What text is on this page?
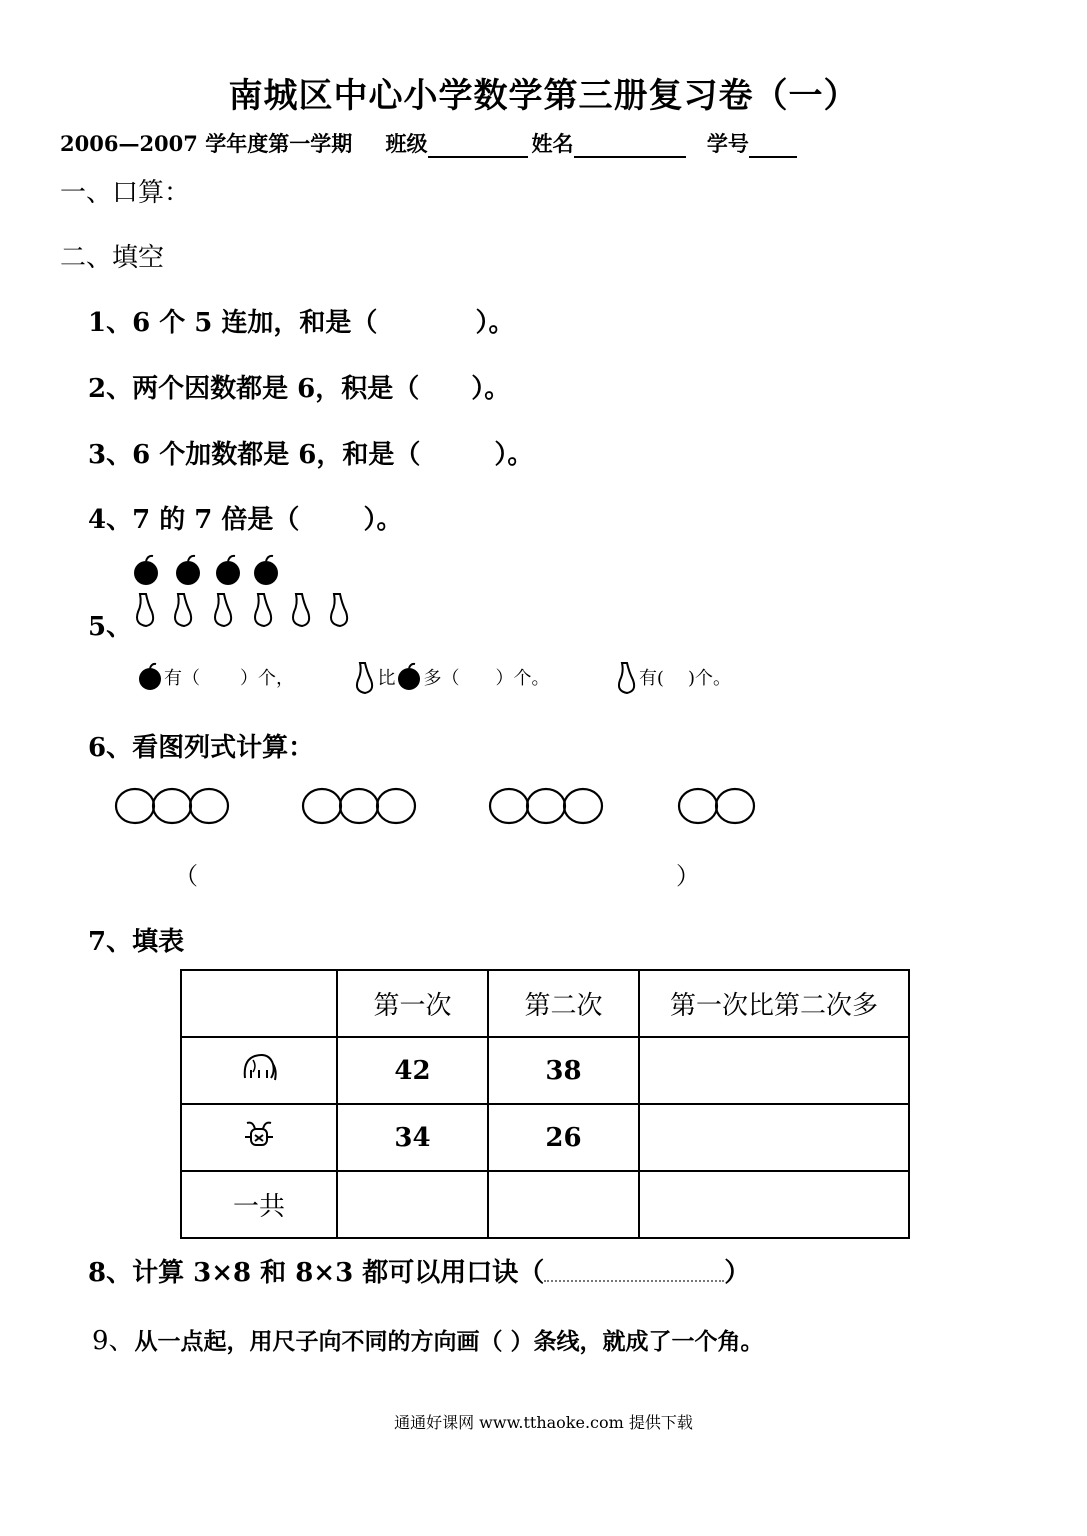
南城区中心小学数学第三册复习卷（一）
2006—2007 学年度第一学期 班级	姓名	学号
一、口算：
二、填空
1、6 个 5 连加，和是（	）。
2、两个因数都是 6，积是（ ）。
3、6 个加数都是 6，和是（	）。
4、7 的 7 倍是（ ）。
5、
有（ ）个，	比 多（ ）个。	有( )个。
6、看图列式计算：
（	）
7、填表
	第一次	第二次	第一次比第二次多
	42	38	
	34	26	
一共			
8、计算 3×8 和 8×3 都可以用口诀（	）
9、从一点起，用尺子向不同的方向画（ ）条线，就成了一个角。
通通好课网 www.tthaoke.com 提供下载
